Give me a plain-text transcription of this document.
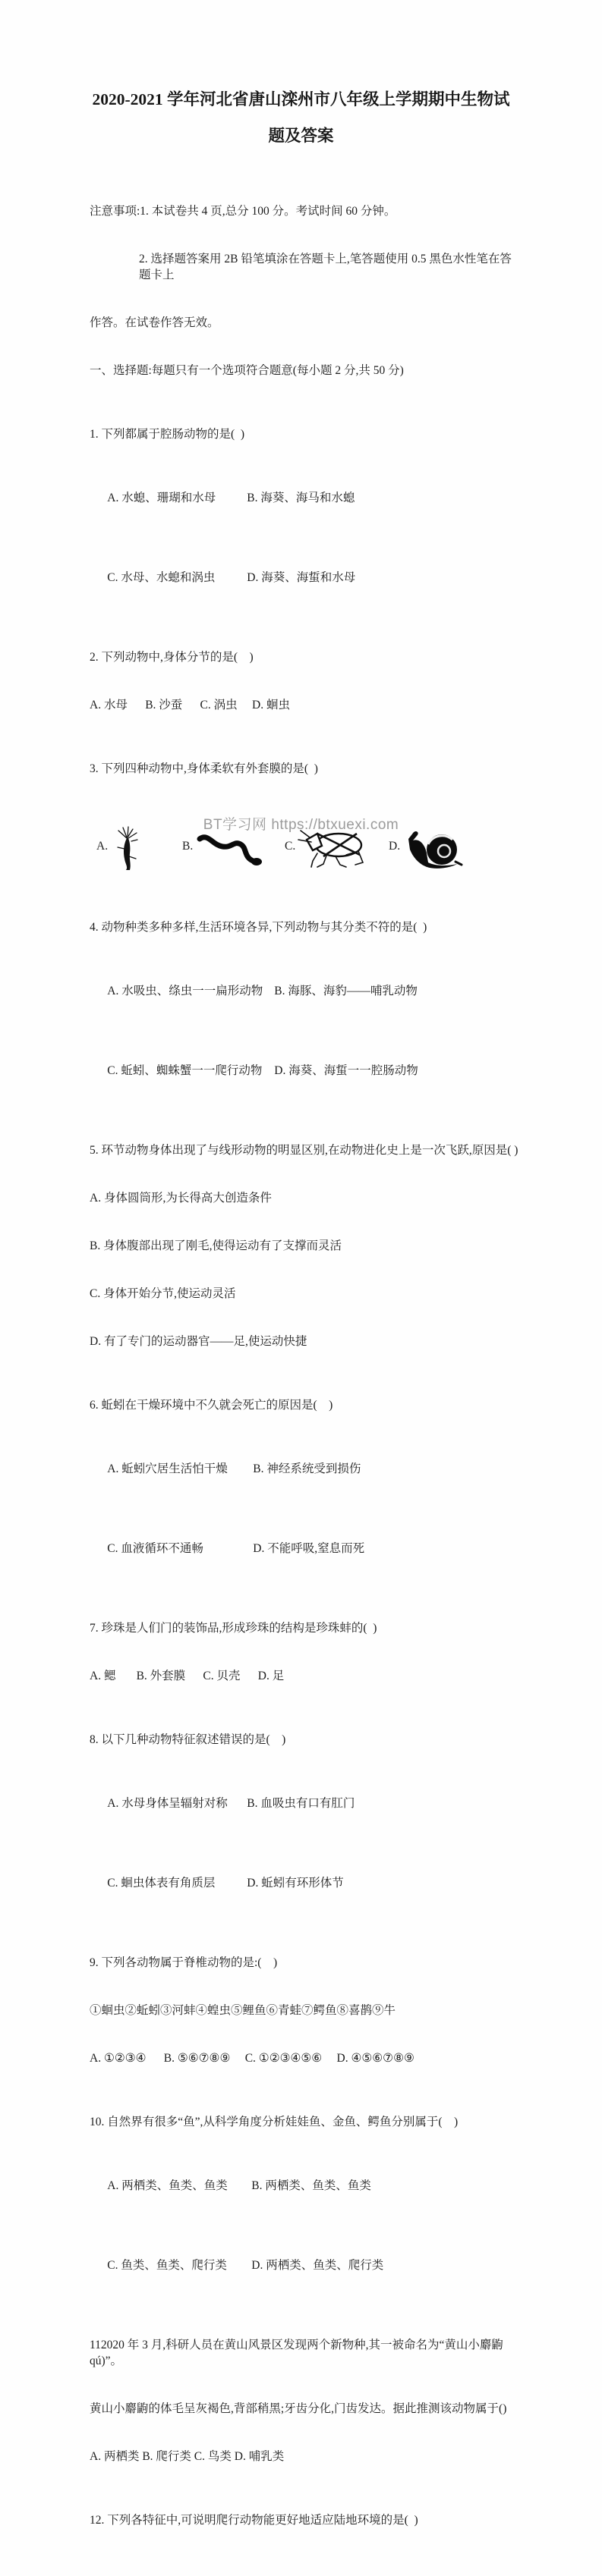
2020-2021 学年河北省唐山滦州市八年级上学期期中生物试
题及答案

注意事项:1. 本试卷共 4 页,总分 100 分。考试时间 60 分钟。

2. 选择题答案用 2B 铅笔填涂在答题卡上,笔答题使用 0.5 黑色水性笔在答题卡上

作答。在试卷作答无效。

一、选择题:每题只有一个选项符合题意(每小题 2 分,共 50 分)

1. 下列都属于腔肠动物的是(  )

A. 水螅、珊瑚和水母	B. 海葵、海马和水螅

C. 水母、水螅和涡虫	D. 海葵、海蜇和水母

2. 下列动物中,身体分节的是(    )

A. 水母      B. 沙蚕      C. 涡虫     D. 蛔虫

3. 下列四种动物中,身体柔软有外套膜的是(  )

A.

	B.

	C.

	D.

4. 动物种类多种多样,生活环境各异,下列动物与其分类不符的是(  )

A. 水吸虫、绦虫一一扁形动物 B. 海豚、海豹——哺乳动物

C. 蚯蚓、蜘蛛蟹一一爬行动物 D. 海葵、海蜇一一腔肠动物

5. 环节动物身体出现了与线形动物的明显区别,在动物进化史上是一次飞跃,原因是( )

A. 身体圆筒形,为长得高大创造条件

B. 身体腹部出现了刚毛,使得运动有了支撑而灵活

C. 身体开始分节,使运动灵活

D. 有了专门的运动器官——足,使运动快捷

6. 蚯蚓在干燥环境中不久就会死亡的原因是(    )

A. 蚯蚓穴居生活怕干燥 B. 神经系统受到损伤

C. 血液循环不通畅	D. 不能呼吸,窒息而死

7. 珍珠是人们门的装饰品,形成珍珠的结构是珍珠蚌的(  )

A. 鳃       B. 外套膜      C. 贝壳      D. 足

8. 以下几种动物特征叙述错误的是(    )

A. 水母身体呈辐射对称 B. 血吸虫有口有肛门

C. 蛔虫体表有角质层	D. 蚯蚓有环形体节

9. 下列各动物属于脊椎动物的是:(    )

①蛔虫②蚯蚓③河蚌④蝗虫⑤鲤鱼⑥青蛙⑦鳄鱼⑧喜鹊⑨牛

A. ①②③④      B. ⑤⑥⑦⑧⑨     C. ①②③④⑤⑥     D. ④⑤⑥⑦⑧⑨

10. 自然界有很多“鱼”,从科学角度分析娃娃鱼、金鱼、鳄鱼分别属于(    )

A. 两栖类、鱼类、鱼类 B. 两栖类、鱼类、鱼类

C. 鱼类、鱼类、爬行类 D. 两栖类、鱼类、爬行类

112020 年 3 月,科研人员在黄山风景区发现两个新物种,其一被命名为“黄山小麝鼩 qú)”。

黄山小麝鼩的体毛呈灰褐色,背部稍黑;牙齿分化,门齿发达。据此推测该动物属于()

A. 两栖类 B. 爬行类 C. 鸟类 D. 哺乳类

12. 下列各特征中,可说明爬行动物能更好地适应陆地环境的是(  )

BT学习网 https://btxuexi.com
